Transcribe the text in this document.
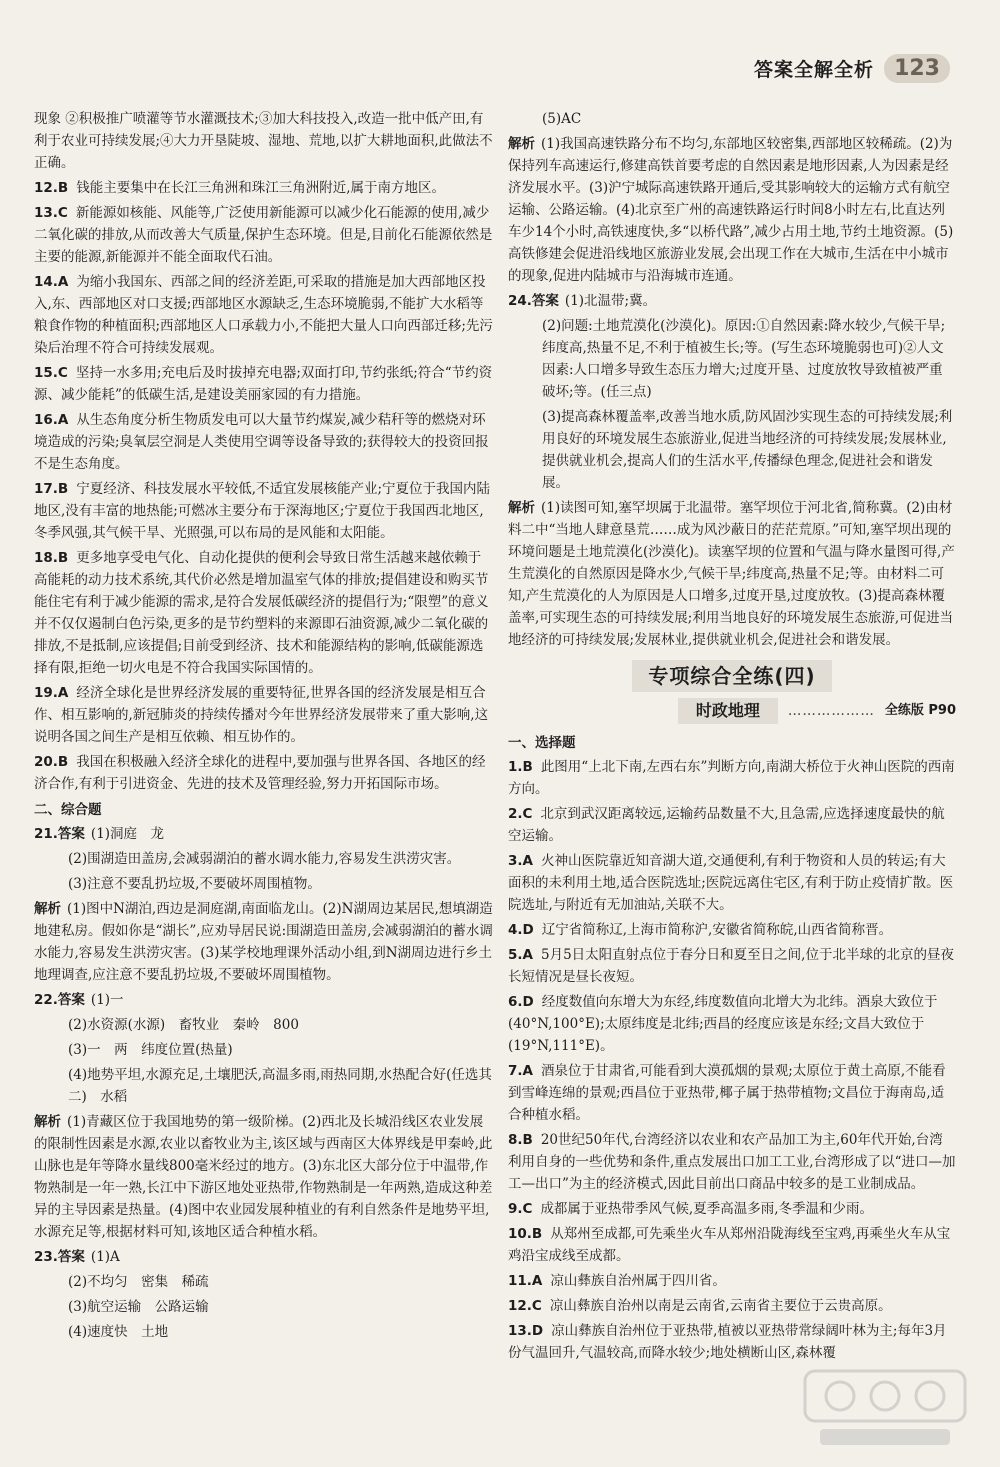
答案全解全析 123
现象 ②积极推广喷灌等节水灌溉技术;③加大科技投入,改造一批中低产田,有利于农业可持续发展;④大力开垦陡坡、湿地、荒地,以扩大耕地面积,此做法不正确。
12.B 钱能主要集中在长江三角洲和珠江三角洲附近,属于南方地区。
13.C 新能源如核能、风能等,广泛使用新能源可以减少化石能源的使用,减少二氧化碳的排放,从而改善大气质量,保护生态环境。但是,目前化石能源依然是主要的能源,新能源并不能全面取代石油。
14.A 为缩小我国东、西部之间的经济差距,可采取的措施是加大西部地区投入,东、西部地区对口支援;西部地区水源缺乏,生态环境脆弱,不能扩大水稻等粮食作物的种植面积;西部地区人口承载力小,不能把大量人口向西部迁移;先污染后治理不符合可持续发展观。
15.C 坚持一水多用;充电后及时拔掉充电器;双面打印,节约张纸;符合“节约资源、减少能耗”的低碳生活,是建设美丽家园的有力措施。
16.A 从生态角度分析生物质发电可以大量节约煤炭,减少秸秆等的燃烧对环境造成的污染;臭氧层空洞是人类使用空调等设备导致的;获得较大的投资回报不是生态角度。
17.B 宁夏经济、科技发展水平较低,不适宜发展核能产业;宁夏位于我国内陆地区,没有丰富的地热能;可燃冰主要分布于深海地区;宁夏位于我国西北地区,冬季风强,其气候干旱、光照强,可以布局的是风能和太阳能。
18.B 更多地享受电气化、自动化提供的便利会导致日常生活越来越依赖于高能耗的动力技术系统,其代价必然是增加温室气体的排放;提倡建设和购买节能住宅有利于减少能源的需求,是符合发展低碳经济的提倡行为;“限塑”的意义并不仅仅遏制白色污染,更多的是节约塑料的来源即石油资源,减少二氧化碳的排放,不是抵制,应该提倡;目前受到经济、技术和能源结构的影响,低碳能源选择有限,拒绝一切火电是不符合我国实际国情的。
19.A 经济全球化是世界经济发展的重要特征,世界各国的经济发展是相互合作、相互影响的,新冠肺炎的持续传播对今年世界经济发展带来了重大影响,这说明各国之间生产是相互依赖、相互协作的。
20.B 我国在积极融入经济全球化的进程中,要加强与世界各国、各地区的经济合作,有利于引进资金、先进的技术及管理经验,努力开拓国际市场。
二、综合题
21.答案 (1)洞庭　龙
(2)围湖造田盖房,会减弱湖泊的蓄水调水能力,容易发生洪涝灾害。
(3)注意不要乱扔垃圾,不要破坏周围植物。
解析 (1)图中N湖泊,西边是洞庭湖,南面临龙山。(2)N湖周边某居民,想填湖造地建私房。假如你是“湖长”,应劝导居民说:围湖造田盖房,会减弱湖泊的蓄水调水能力,容易发生洪涝灾害。(3)某学校地理课外活动小组,到N湖周边进行乡土地理调查,应注意不要乱扔垃圾,不要破坏周围植物。
22.答案 (1)一
(2)水资源(水源)　畜牧业　秦岭　800
(3)一　两　纬度位置(热量)
(4)地势平坦,水源充足,土壤肥沃,高温多雨,雨热同期,水热配合好(任选其二)　水稻
解析 (1)青藏区位于我国地势的第一级阶梯。(2)西北及长城沿线区农业发展的限制性因素是水源,农业以畜牧业为主,该区域与西南区大体界线是甲秦岭,此山脉也是年等降水量线800毫米经过的地方。(3)东北区大部分位于中温带,作物熟制是一年一熟,长江中下游区地处亚热带,作物熟制是一年两熟,造成这种差异的主导因素是热量。(4)图中农业园发展种植业的有利自然条件是地势平坦,水源充足等,根据材料可知,该地区适合种植水稻。
23.答案 (1)A
(2)不均匀　密集　稀疏
(3)航空运输　公路运输
(4)速度快　土地
(5)AC
解析 (1)我国高速铁路分布不均匀,东部地区较密集,西部地区较稀疏。(2)为保持列车高速运行,修建高铁首要考虑的自然因素是地形因素,人为因素是经济发展水平。(3)沪宁城际高速铁路开通后,受其影响较大的运输方式有航空运输、公路运输。(4)北京至广州的高速铁路运行时间8小时左右,比直达列车少14个小时,高铁速度快,多“以桥代路”,减少占用土地,节约土地资源。(5)高铁修建会促进沿线地区旅游业发展,会出现工作在大城市,生活在中小城市的现象,促进内陆城市与沿海城市连通。
24.答案 (1)北温带;冀。
(2)问题:土地荒漠化(沙漠化)。原因:①自然因素:降水较少,气候干旱;纬度高,热量不足,不利于植被生长;等。(写生态环境脆弱也可)②人文因素:人口增多导致生态压力增大;过度开垦、过度放牧导致植被严重破坏;等。(任三点)
(3)提高森林覆盖率,改善当地水质,防风固沙实现生态的可持续发展;利用良好的环境发展生态旅游业,促进当地经济的可持续发展;发展林业,提供就业机会,提高人们的生活水平,传播绿色理念,促进社会和谐发展。
解析 (1)读图可知,塞罕坝属于北温带。塞罕坝位于河北省,简称冀。(2)由材料二中“当地人肆意垦荒……成为风沙蔽日的茫茫荒原。”可知,塞罕坝出现的环境问题是土地荒漠化(沙漠化)。读塞罕坝的位置和气温与降水量图可得,产生荒漠化的自然原因是降水少,气候干旱;纬度高,热量不足;等。由材料二可知,产生荒漠化的人为原因是人口增多,过度开垦,过度放牧。(3)提高森林覆盖率,可实现生态的可持续发展;利用当地良好的环境发展生态旅游,可促进当地经济的可持续发展;发展林业,提供就业机会,促进社会和谐发展。
专项综合全练(四)
时政地理	……………… 全练版 P90
一、选择题
1.B 此图用“上北下南,左西右东”判断方向,南湖大桥位于火神山医院的西南方向。
2.C 北京到武汉距离较远,运输药品数量不大,且急需,应选择速度最快的航空运输。
3.A 火神山医院靠近知音湖大道,交通便利,有利于物资和人员的转运;有大面积的未利用土地,适合医院选址;医院远离住宅区,有利于防止疫情扩散。医院选址,与附近有无加油站,关联不大。
4.D 辽宁省简称辽,上海市简称沪,安徽省简称皖,山西省简称晋。
5.A 5月5日太阳直射点位于春分日和夏至日之间,位于北半球的北京的昼夜长短情况是昼长夜短。
6.D 经度数值向东增大为东经,纬度数值向北增大为北纬。酒泉大致位于(40°N,100°E);太原纬度是北纬;西昌的经度应该是东经;文昌大致位于(19°N,111°E)。
7.A 酒泉位于甘肃省,可能看到大漠孤烟的景观;太原位于黄土高原,不能看到雪峰连绵的景观;西昌位于亚热带,椰子属于热带植物;文昌位于海南岛,适合种植水稻。
8.B 20世纪50年代,台湾经济以农业和农产品加工为主,60年代开始,台湾利用自身的一些优势和条件,重点发展出口加工工业,台湾形成了以“进口—加工—出口”为主的经济模式,因此目前出口商品中较多的是工业制成品。
9.C 成都属于亚热带季风气候,夏季高温多雨,冬季温和少雨。
10.B 从郑州至成都,可先乘坐火车从郑州沿陇海线至宝鸡,再乘坐火车从宝鸡沿宝成线至成都。
11.A 凉山彝族自治州属于四川省。
12.C 凉山彝族自治州以南是云南省,云南省主要位于云贵高原。
13.D 凉山彝族自治州位于亚热带,植被以亚热带常绿阔叶林为主;每年3月份气温回升,气温较高,而降水较少;地处横断山区,森林覆
